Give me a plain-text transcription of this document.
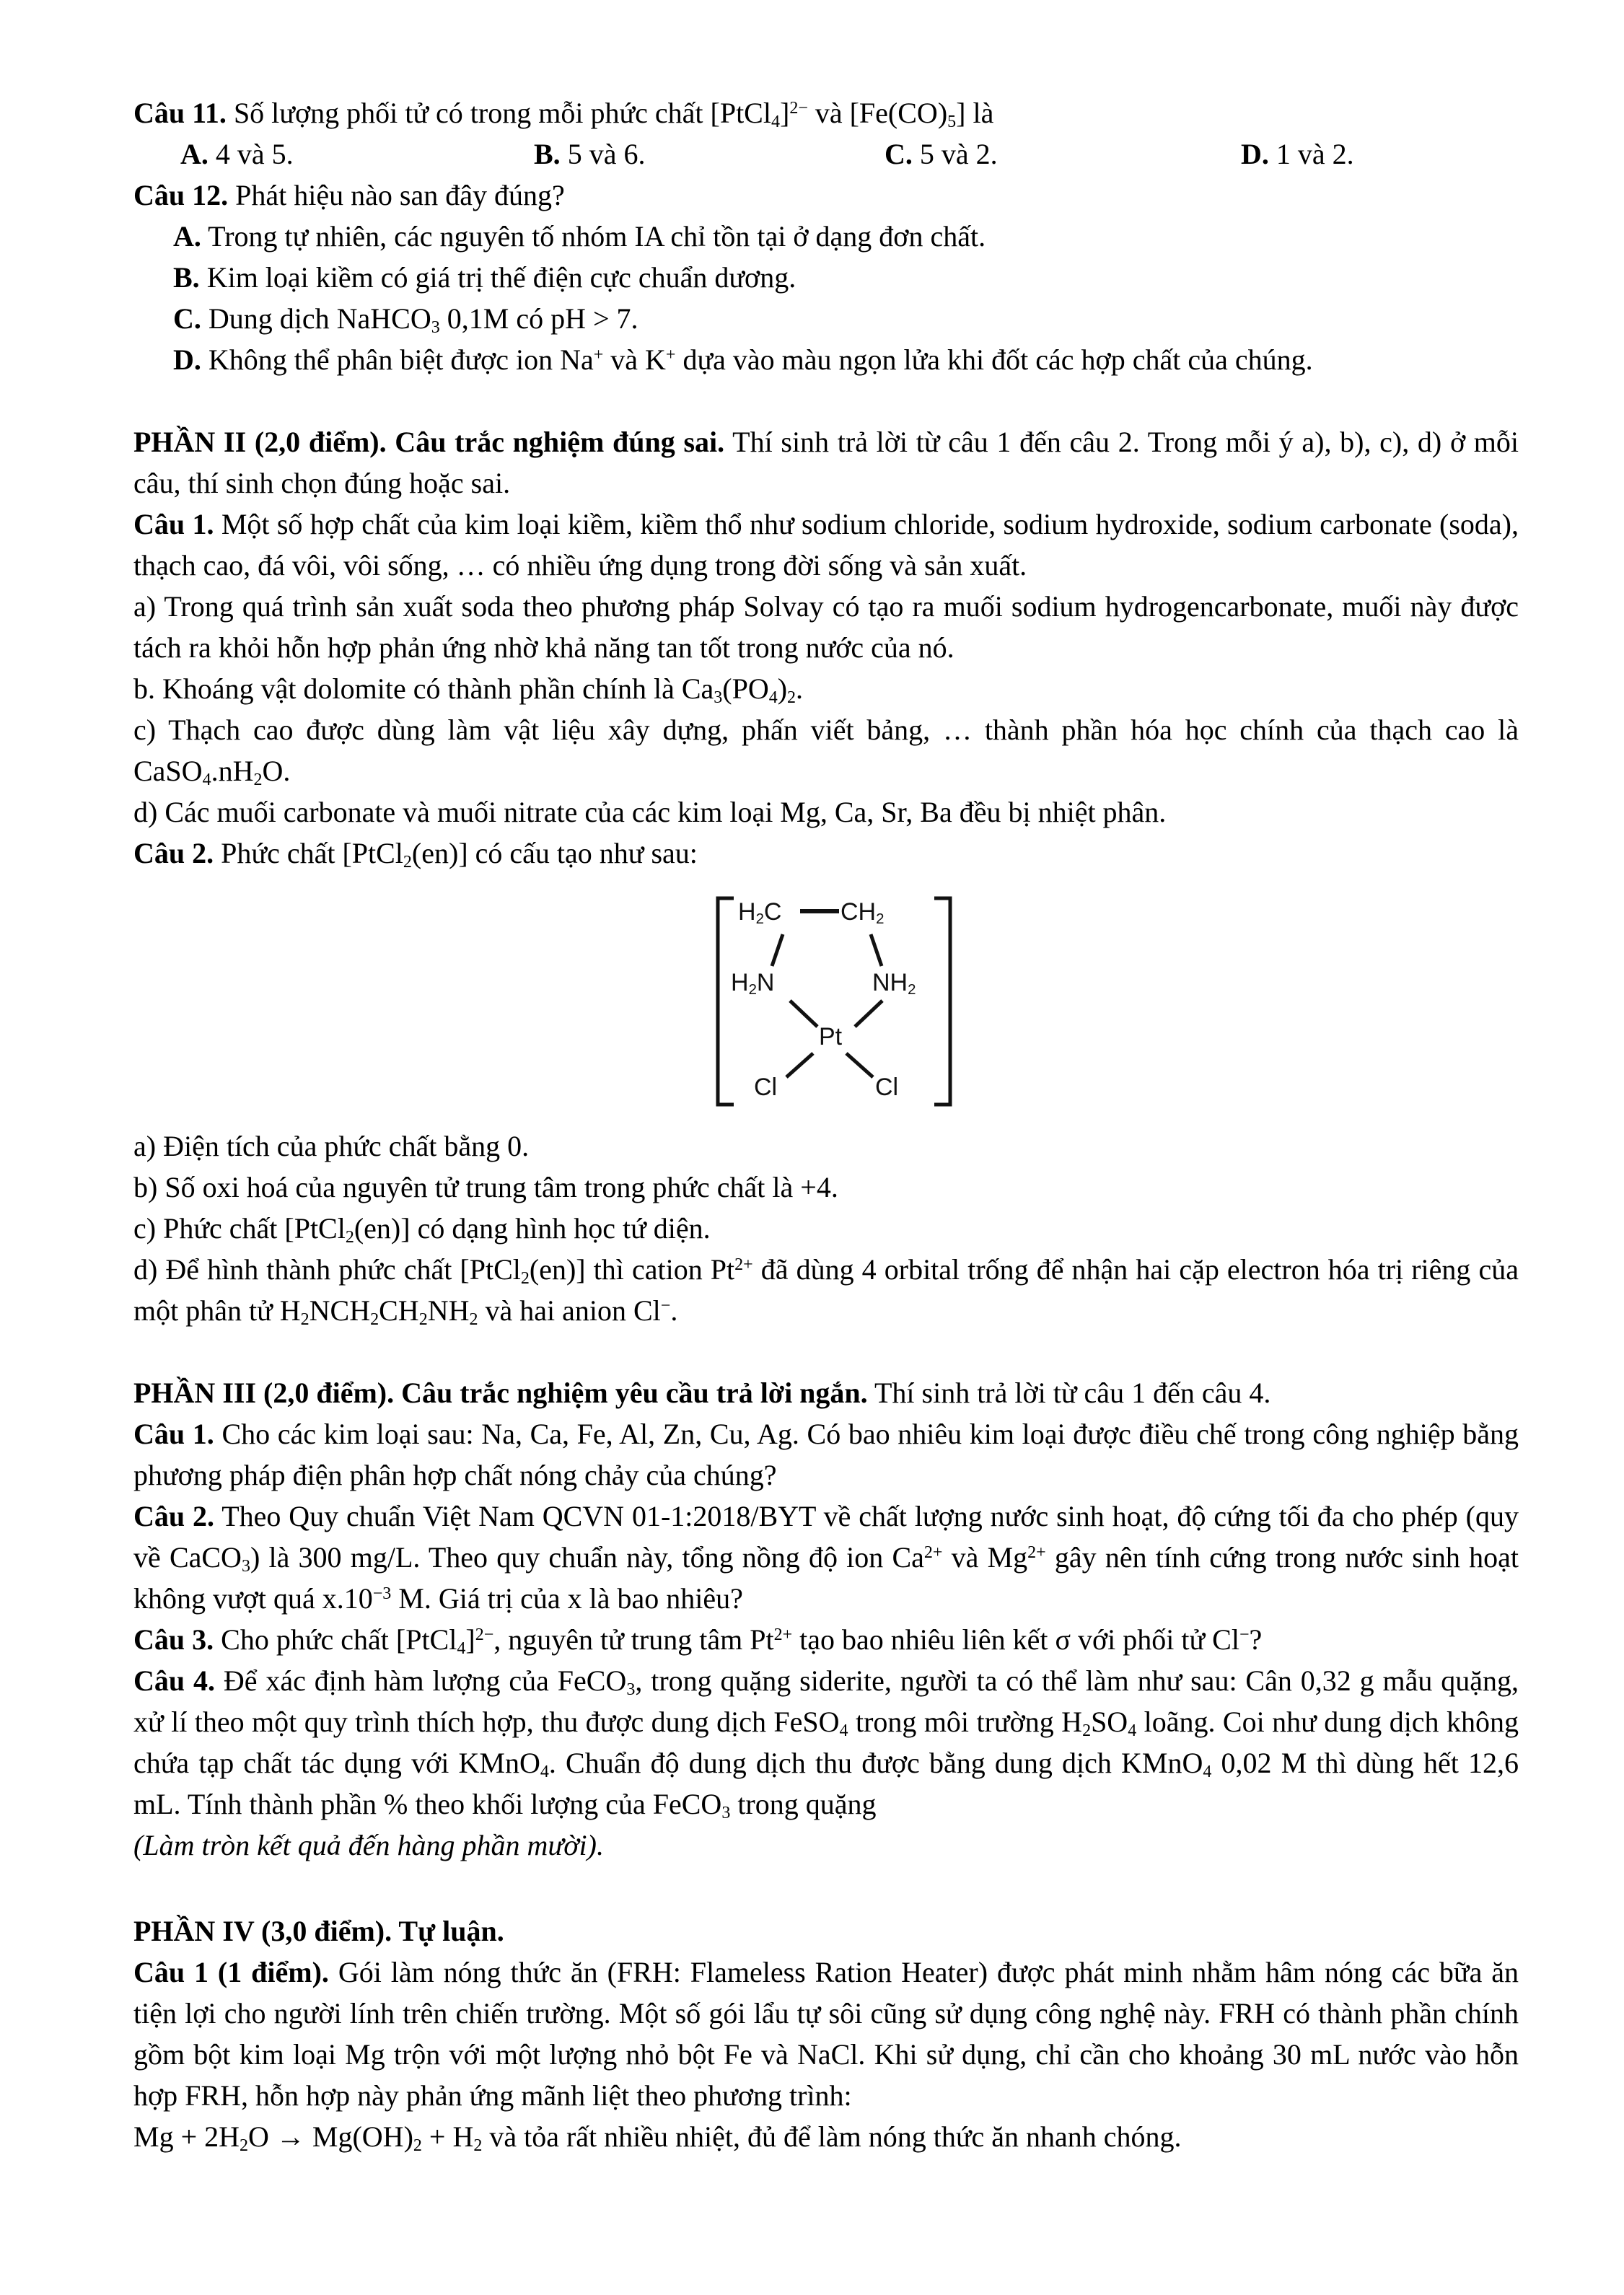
Câu 11. Số lượng phối tử có trong mỗi phức chất [PtCl$_4$]$^{2-}$ và $[Fe(CO)_5]$ là

A. 4 và 5.	B. 5 và 6.	C. 5 và 2.	D. 1 và 2.

Câu 12. Phát hiệu nào san đây đúng?

A. Trong tự nhiên, các nguyên tố nhóm IA chỉ tồn tại ở dạng đơn chất.

B. Kim loại kiềm có giá trị thế điện cực chuẩn dương.

C. Dung dịch NaHCO$_3$ 0,1M có pH > 7.

D. Không thể phân biệt được ion Na+ và K+ dựa vào màu ngọn lửa khi đốt các hợp chất của chúng.

PHẦN II (2,0 điểm). Câu trắc nghiệm đúng sai. Thí sinh trả lời từ câu 1 đến câu 2. Trong mỗi ý a), b), c), d) ở mỗi câu, thí sinh chọn đúng hoặc sai.

Câu 1. Một số hợp chất của kim loại kiềm, kiềm thổ như sodium chloride, sodium hydroxide, sodium carbonate (soda), thạch cao, đá vôi, vôi sống, … có nhiều ứng dụng trong đời sống và sản xuất.

a) Trong quá trình sản xuất soda theo phương pháp Solvay có tạo ra muối sodium hydrogencarbonate, muối này được tách ra khỏi hỗn hợp phản ứng nhờ khả năng tan tốt trong nước của nó.

b. Khoáng vật dolomite có thành phần chính là $Ca_3(PO_4)_2$.

c) Thạch cao được dùng làm vật liệu xây dựng, phấn viết bảng, … thành phần hóa học chính của thạch cao là $CaSO_4.nH_2O$.

d) Các muối carbonate và muối nitrate của các kim loại Mg, Ca, Sr, Ba đều bị nhiệt phân.

Câu 2. Phức chất [PtCl$_2$(en)] có cấu tạo như sau:

$H_2C$ $CH_2$
$H_2N$	$NH_2$
Pt
Cl	Cl

a) Điện tích của phức chất bằng 0.

b) Số oxi hoá của nguyên tử trung tâm trong phức chất là +4.

c) Phức chất [PtCl$_2$(en)] có dạng hình học tứ diện.

d) Để hình thành phức chất [PtCl$_2$(en)] thì cation $Pt^{2+}$ đã dùng 4 orbital trống để nhận hai cặp electron hóa trị riêng của một phân tử $H_2NCH_2CH_2NH_2$ và hai anion Cl−.

PHẦN III (2,0 điểm). Câu trắc nghiệm yêu cầu trả lời ngắn. Thí sinh trả lời từ câu 1 đến câu 4.

Câu 1. Cho các kim loại sau: Na, Ca, Fe, Al, Zn, Cu, Ag. Có bao nhiêu kim loại được điều chế trong công nghiệp bằng phương pháp điện phân hợp chất nóng chảy của chúng?

Câu 2. Theo Quy chuẩn Việt Nam QCVN 01-1:2018/BYT về chất lượng nước sinh hoạt, độ cứng tối đa cho phép (quy về CaCO$_3$) là 300 mg/L. Theo quy chuẩn này, tổng nồng độ ion $Ca^{2+}$ và $Mg^{2+}$ gây nên tính cứng trong nước sinh hoạt không vượt quá $x.10^{-3}$ M. Giá trị của x là bao nhiêu?

Câu 3. Cho phức chất [PtCl$_4$]$^{2-}$, nguyên tử trung tâm $Pt^{2+}$ tạo bao nhiêu liên kết σ với phối tử Cl−?

Câu 4. Để xác định hàm lượng của FeCO$_3$, trong quặng siderite, người ta có thể làm như sau: Cân 0,32 g mẫu quặng, xử lí theo một quy trình thích hợp, thu được dung dịch FeSO$_4$ trong môi trường $H_2SO_4$ loãng. Coi như dung dịch không chứa tạp chất tác dụng với KMnO$_4$. Chuẩn độ dung dịch thu được bằng dung dịch KMnO$_4$ 0,02 M thì dùng hết 12,6 mL. Tính thành phần % theo khối lượng của FeCO$_3$ trong quặng

(Làm tròn kết quả đến hàng phần mười).

PHẦN IV (3,0 điểm). Tự luận.

Câu 1 (1 điểm). Gói làm nóng thức ăn (FRH: Flameless Ration Heater) được phát minh nhằm hâm nóng các bữa ăn tiện lợi cho người lính trên chiến trường. Một số gói lẩu tự sôi cũng sử dụng công nghệ này. FRH có thành phần chính gồm bột kim loại Mg trộn với một lượng nhỏ bột Fe và NaCl. Khi sử dụng, chỉ cần cho khoảng 30 mL nước vào hỗn hợp FRH, hỗn hợp này phản ứng mãnh liệt theo phương trình:

$Mg + 2H_2O \to Mg(OH)_2 + H_2$ và tỏa rất nhiều nhiệt, đủ để làm nóng thức ăn nhanh chóng.
